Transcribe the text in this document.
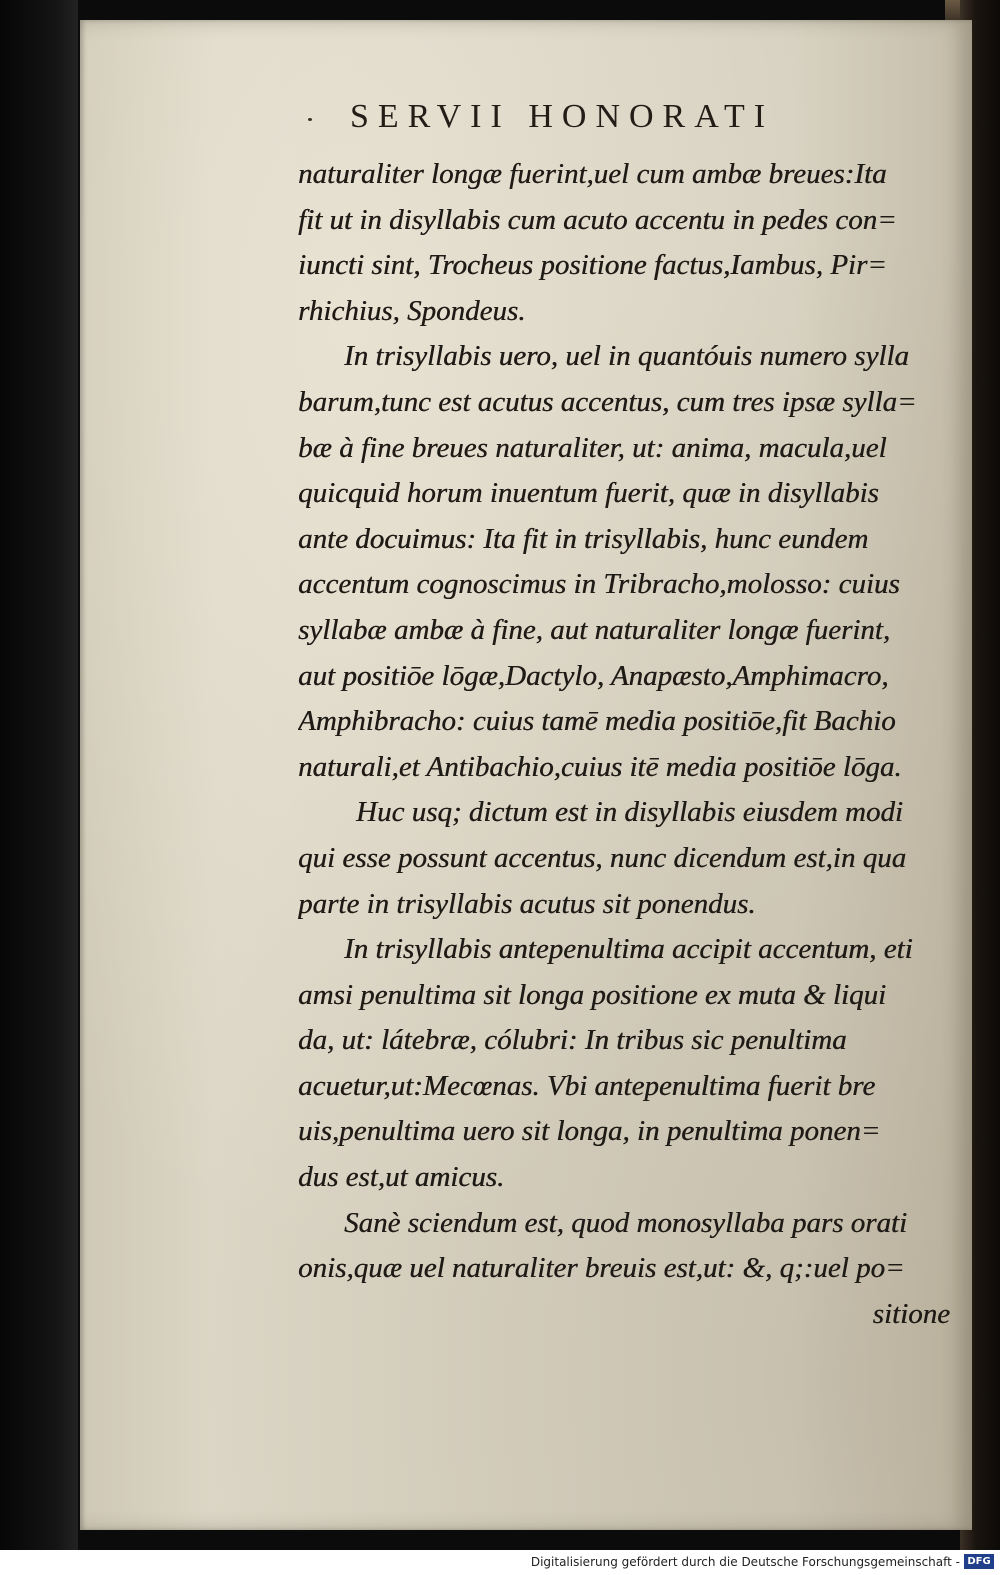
SERVII HONORATI
naturaliter longæ fuerint,uel cum ambæ breues:Ita
fit ut in disyllabis cum acuto accentu in pedes con=
iuncti sint, Trocheus positione factus,Iambus, Pir=
rhichius, Spondeus.
In trisyllabis uero, uel in quantóuis numero sylla
barum,tunc est acutus accentus, cum tres ipsæ sylla=
bæ à fine breues naturaliter, ut: anima, macula,uel
quicquid horum inuentum fuerit, quæ in disyllabis
ante docuimus: Ita fit in trisyllabis, hunc eundem
accentum cognoscimus in Tribracho,molosso: cuius
syllabæ ambæ à fine, aut naturaliter longæ fuerint,
aut positiōe lōgæ,Dactylo, Anapæsto,Amphimacro,
Amphibracho: cuius tamē media positiōe,fit Bachio
naturali,et Antibachio,cuius itē media positiōe lōga.
Huc usq; dictum est in disyllabis eiusdem modi
qui esse possunt accentus, nunc dicendum est,in qua
parte in trisyllabis acutus sit ponendus.
In trisyllabis antepenultima accipit accentum, eti
amsi penultima sit longa positione ex muta & liqui
da, ut: látebræ, cólubri: In tribus sic penultima
acuetur,ut:Mecœnas. Vbi antepenultima fuerit bre
uis,penultima uero sit longa, in penultima ponen=
dus est,ut amicus.
Sanè sciendum est, quod monosyllaba pars orati
onis,quæ uel naturaliter breuis est,ut: &, q;:uel po=
sitione
Digitalisierung gefördert durch die Deutsche Forschungsgemeinschaft - DFG
